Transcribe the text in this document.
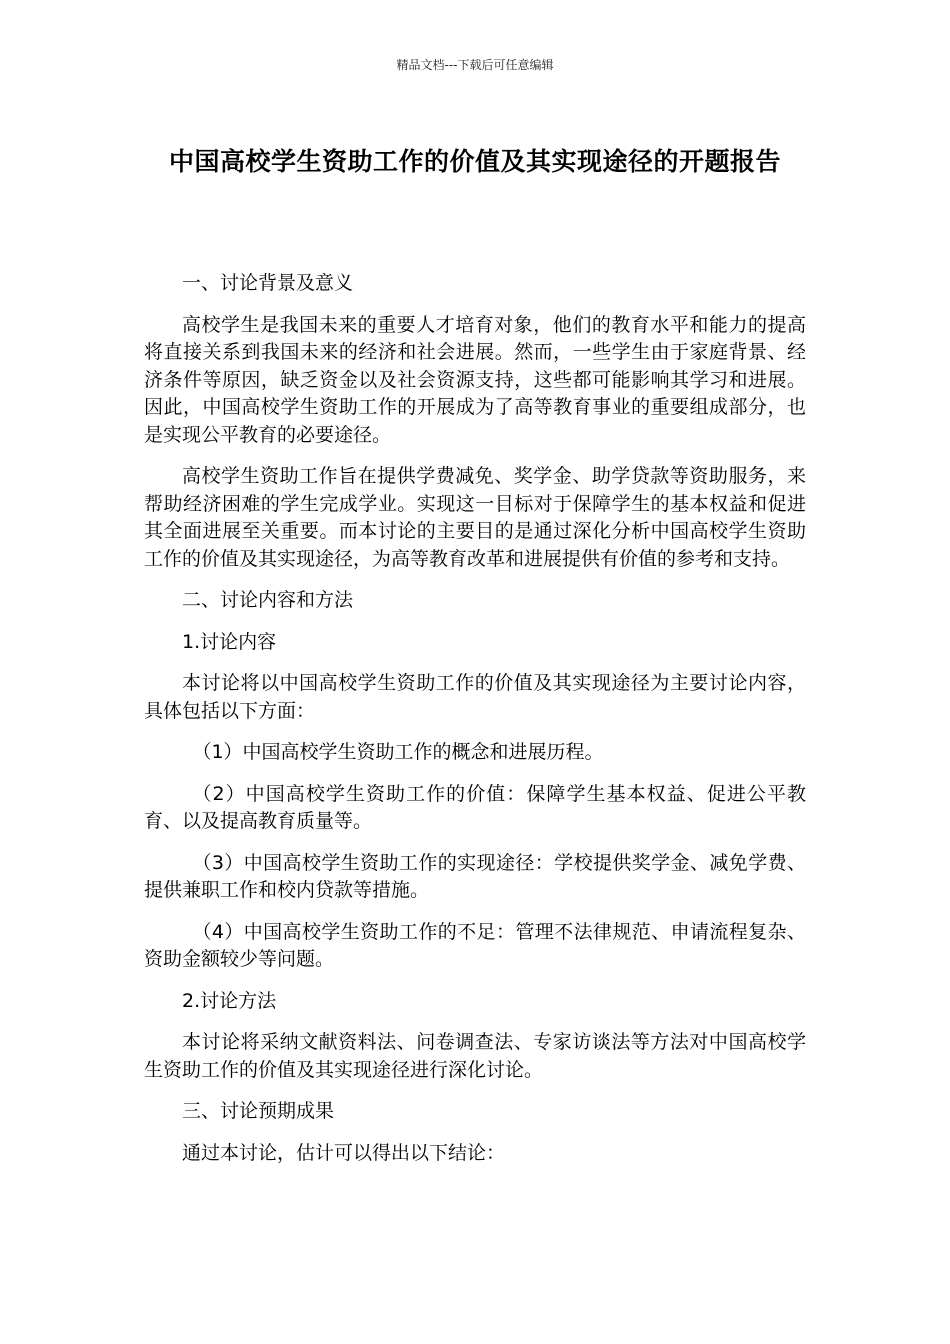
精品文档---下载后可任意编辑
中国高校学生资助工作的价值及其实现途径的开题报告

一、讨论背景及意义

高校学生是我国未来的重要人才培育对象，他们的教育水平和能力的提高将直接关系到我国未来的经济和社会进展。然而，一些学生由于家庭背景、经济条件等原因，缺乏资金以及社会资源支持，这些都可能影响其学习和进展。因此，中国高校学生资助工作的开展成为了高等教育事业的重要组成部分，也是实现公平教育的必要途径。

高校学生资助工作旨在提供学费减免、奖学金、助学贷款等资助服务，来帮助经济困难的学生完成学业。实现这一目标对于保障学生的基本权益和促进其全面进展至关重要。而本讨论的主要目的是通过深化分析中国高校学生资助工作的价值及其实现途径，为高等教育改革和进展提供有价值的参考和支持。

二、讨论内容和方法

1.讨论内容

本讨论将以中国高校学生资助工作的价值及其实现途径为主要讨论内容，具体包括以下方面：

（1）中国高校学生资助工作的概念和进展历程。

（2）中国高校学生资助工作的价值：保障学生基本权益、促进公平教育、以及提高教育质量等。

（3）中国高校学生资助工作的实现途径：学校提供奖学金、减免学费、提供兼职工作和校内贷款等措施。

（4）中国高校学生资助工作的不足：管理不法律规范、申请流程复杂、资助金额较少等问题。

2.讨论方法

本讨论将采纳文献资料法、问卷调查法、专家访谈法等方法对中国高校学生资助工作的价值及其实现途径进行深化讨论。

三、讨论预期成果

通过本讨论，估计可以得出以下结论：
